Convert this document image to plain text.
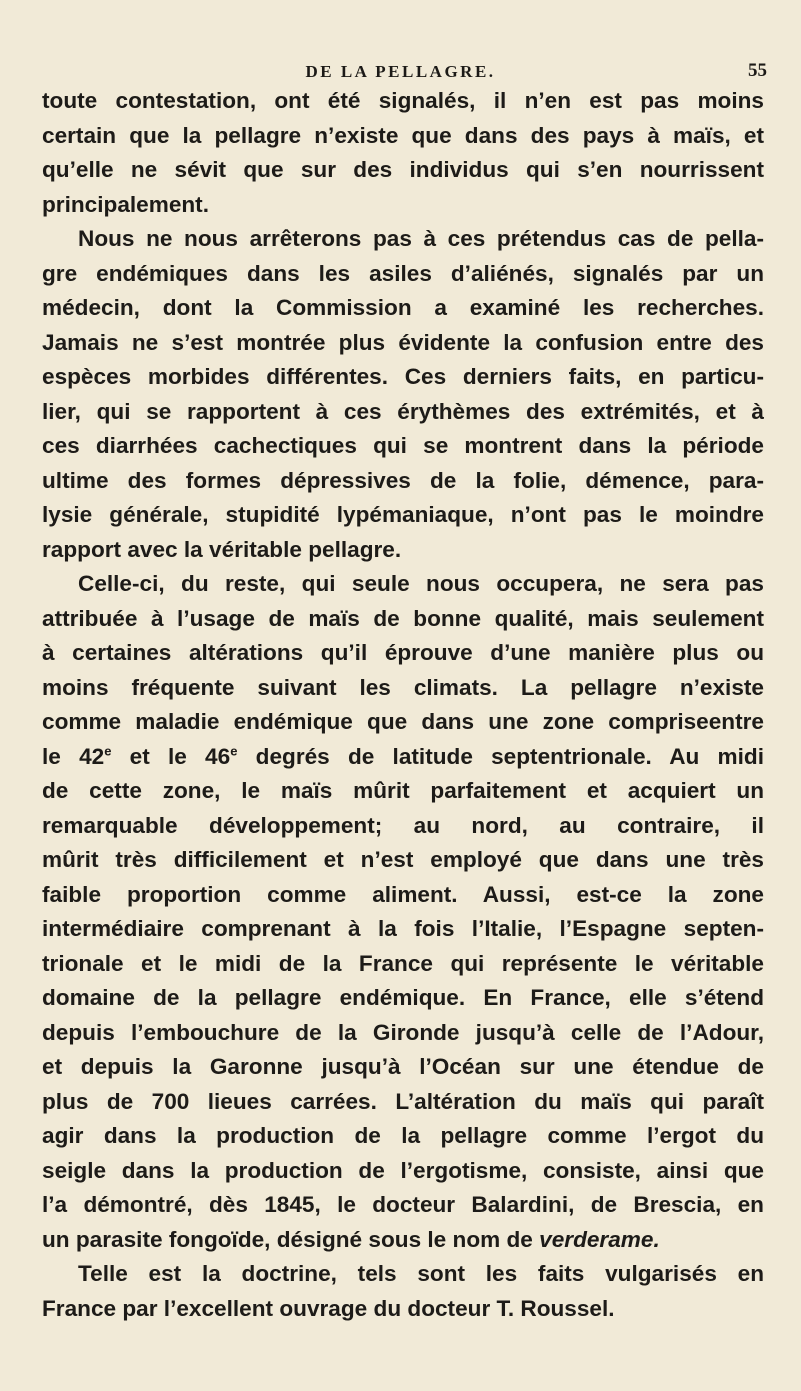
DE LA PELLAGRE.	55
toute contestation, ont été signalés, il n’en est pas moins
certain que la pellagre n’existe que dans des pays à maïs, et
qu’elle ne sévit que sur des individus qui s’en nourrissent
principalement.
Nous ne nous arrêterons pas à ces prétendus cas de pella-
gre endémiques dans les asiles d’aliénés, signalés par un
médecin, dont la Commission a examiné les recherches.
Jamais ne s’est montrée plus évidente la confusion entre des
espèces morbides différentes. Ces derniers faits, en particu-
lier, qui se rapportent à ces érythèmes des extrémités, et à
ces diarrhées cachectiques qui se montrent dans la période
ultime des formes dépressives de la folie, démence, para-
lysie générale, stupidité lypémaniaque, n’ont pas le moindre
rapport avec la véritable pellagre.
Celle-ci, du reste, qui seule nous occupera, ne sera pas
attribuée à l’usage de maïs de bonne qualité, mais seulement
à certaines altérations qu’il éprouve d’une manière plus ou
moins fréquente suivant les climats. La pellagre n’existe
comme maladie endémique que dans une zone compriseentre
le 42e et le 46e degrés de latitude septentrionale. Au midi
de cette zone, le maïs mûrit parfaitement et acquiert un
remarquable développement; au nord, au contraire, il
mûrit très difficilement et n’est employé que dans une très
faible proportion comme aliment. Aussi, est-ce la zone
intermédiaire comprenant à la fois l’Italie, l’Espagne septen-
trionale et le midi de la France qui représente le véritable
domaine de la pellagre endémique. En France, elle s’étend
depuis l’embouchure de la Gironde jusqu’à celle de l’Adour,
et depuis la Garonne jusqu’à l’Océan sur une étendue de
plus de 700 lieues carrées. L’altération du maïs qui paraît
agir dans la production de la pellagre comme l’ergot du
seigle dans la production de l’ergotisme, consiste, ainsi que
l’a démontré, dès 1845, le docteur Balardini, de Brescia, en
un parasite fongoïde, désigné sous le nom de verderame.
Telle est la doctrine, tels sont les faits vulgarisés en
France par l’excellent ouvrage du docteur T. Roussel.
